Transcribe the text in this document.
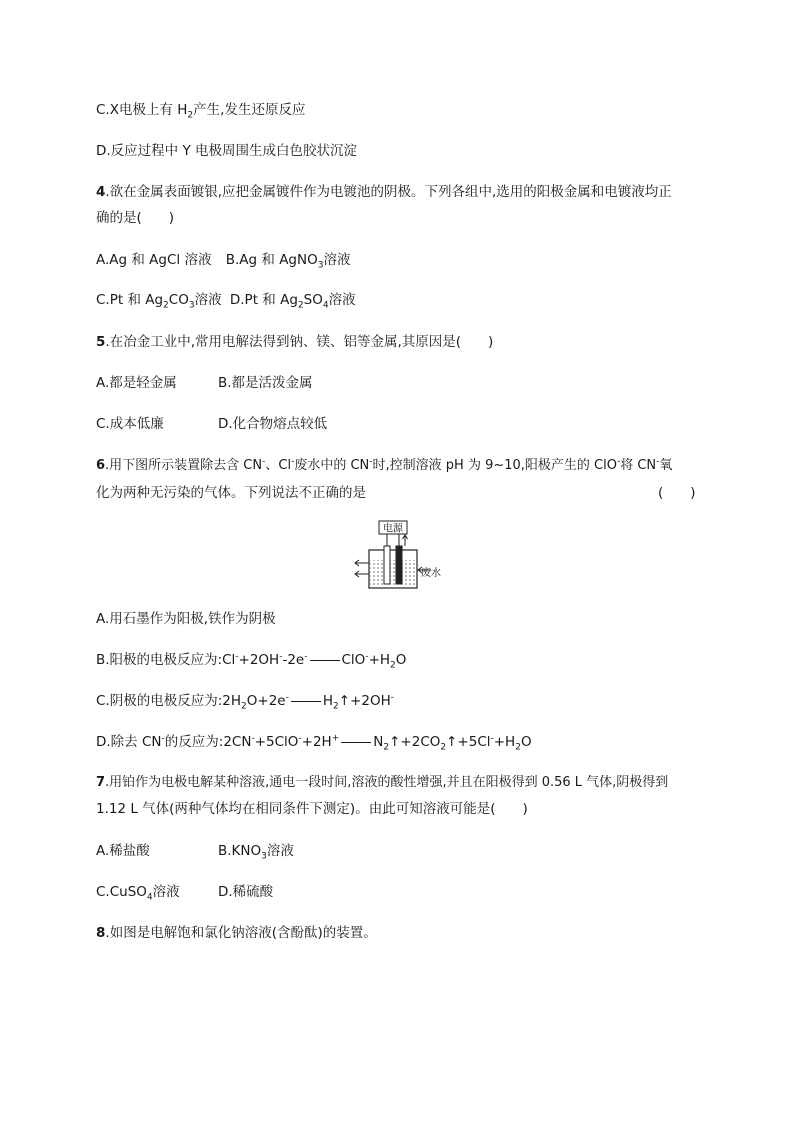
C.X电极上有 $H_2$产生,发生还原反应
D.反应过程中 Y 电极周围生成白色胶状沉淀
4.欲在金属表面镀银,应把金属镀件作为电镀池的阴极。下列各组中,选用的阳极金属和电镀液均正
确的是(　　)
A.Ag 和 AgCl 溶液 B.Ag 和 AgNO$_3$溶液
C.Pt 和 $Ag_2CO_3$溶液 D.Pt 和 $Ag_2SO_4$溶液
5.在冶金工业中,常用电解法得到钠、镁、铝等金属,其原因是(　　)
A.都是轻金属	B.都是活泼金属
C.成本低廉	D.化合物熔点较低
6.用下图所示装置除去含 CN-、Cl-废水中的 CN-时,控制溶液 pH 为 9~10,阳极产生的 ClO-将 CN-氧
化为两种无污染的气体。下列说法不正确的是	(　　)
电源
废水
A.用石墨作为阳极,铁作为阴极
B.阳极的电极反应为:Cl-+2OH--2e-	$ClO^-+H_2O$
C.阴极的电极反应为$:2H_2O+2e^-$	$H_2↑+2OH^-$
D.除去 CN-的反应为:2CN-+5ClO-+2H+	$N_2↑+2CO_2↑+5Cl^-+H_2O$
7.用铂作为电极电解某种溶液,通电一段时间,溶液的酸性增强,并且在阳极得到 0.56 L 气体,阴极得到
1.12 L 气体(两种气体均在相同条件下测定)。由此可知溶液可能是(　　)
A.稀盐酸	$B.KNO_3$溶液
C.CuSO$_4$溶液	D.稀硫酸
8.如图是电解饱和氯化钠溶液(含酚酞)的装置。
